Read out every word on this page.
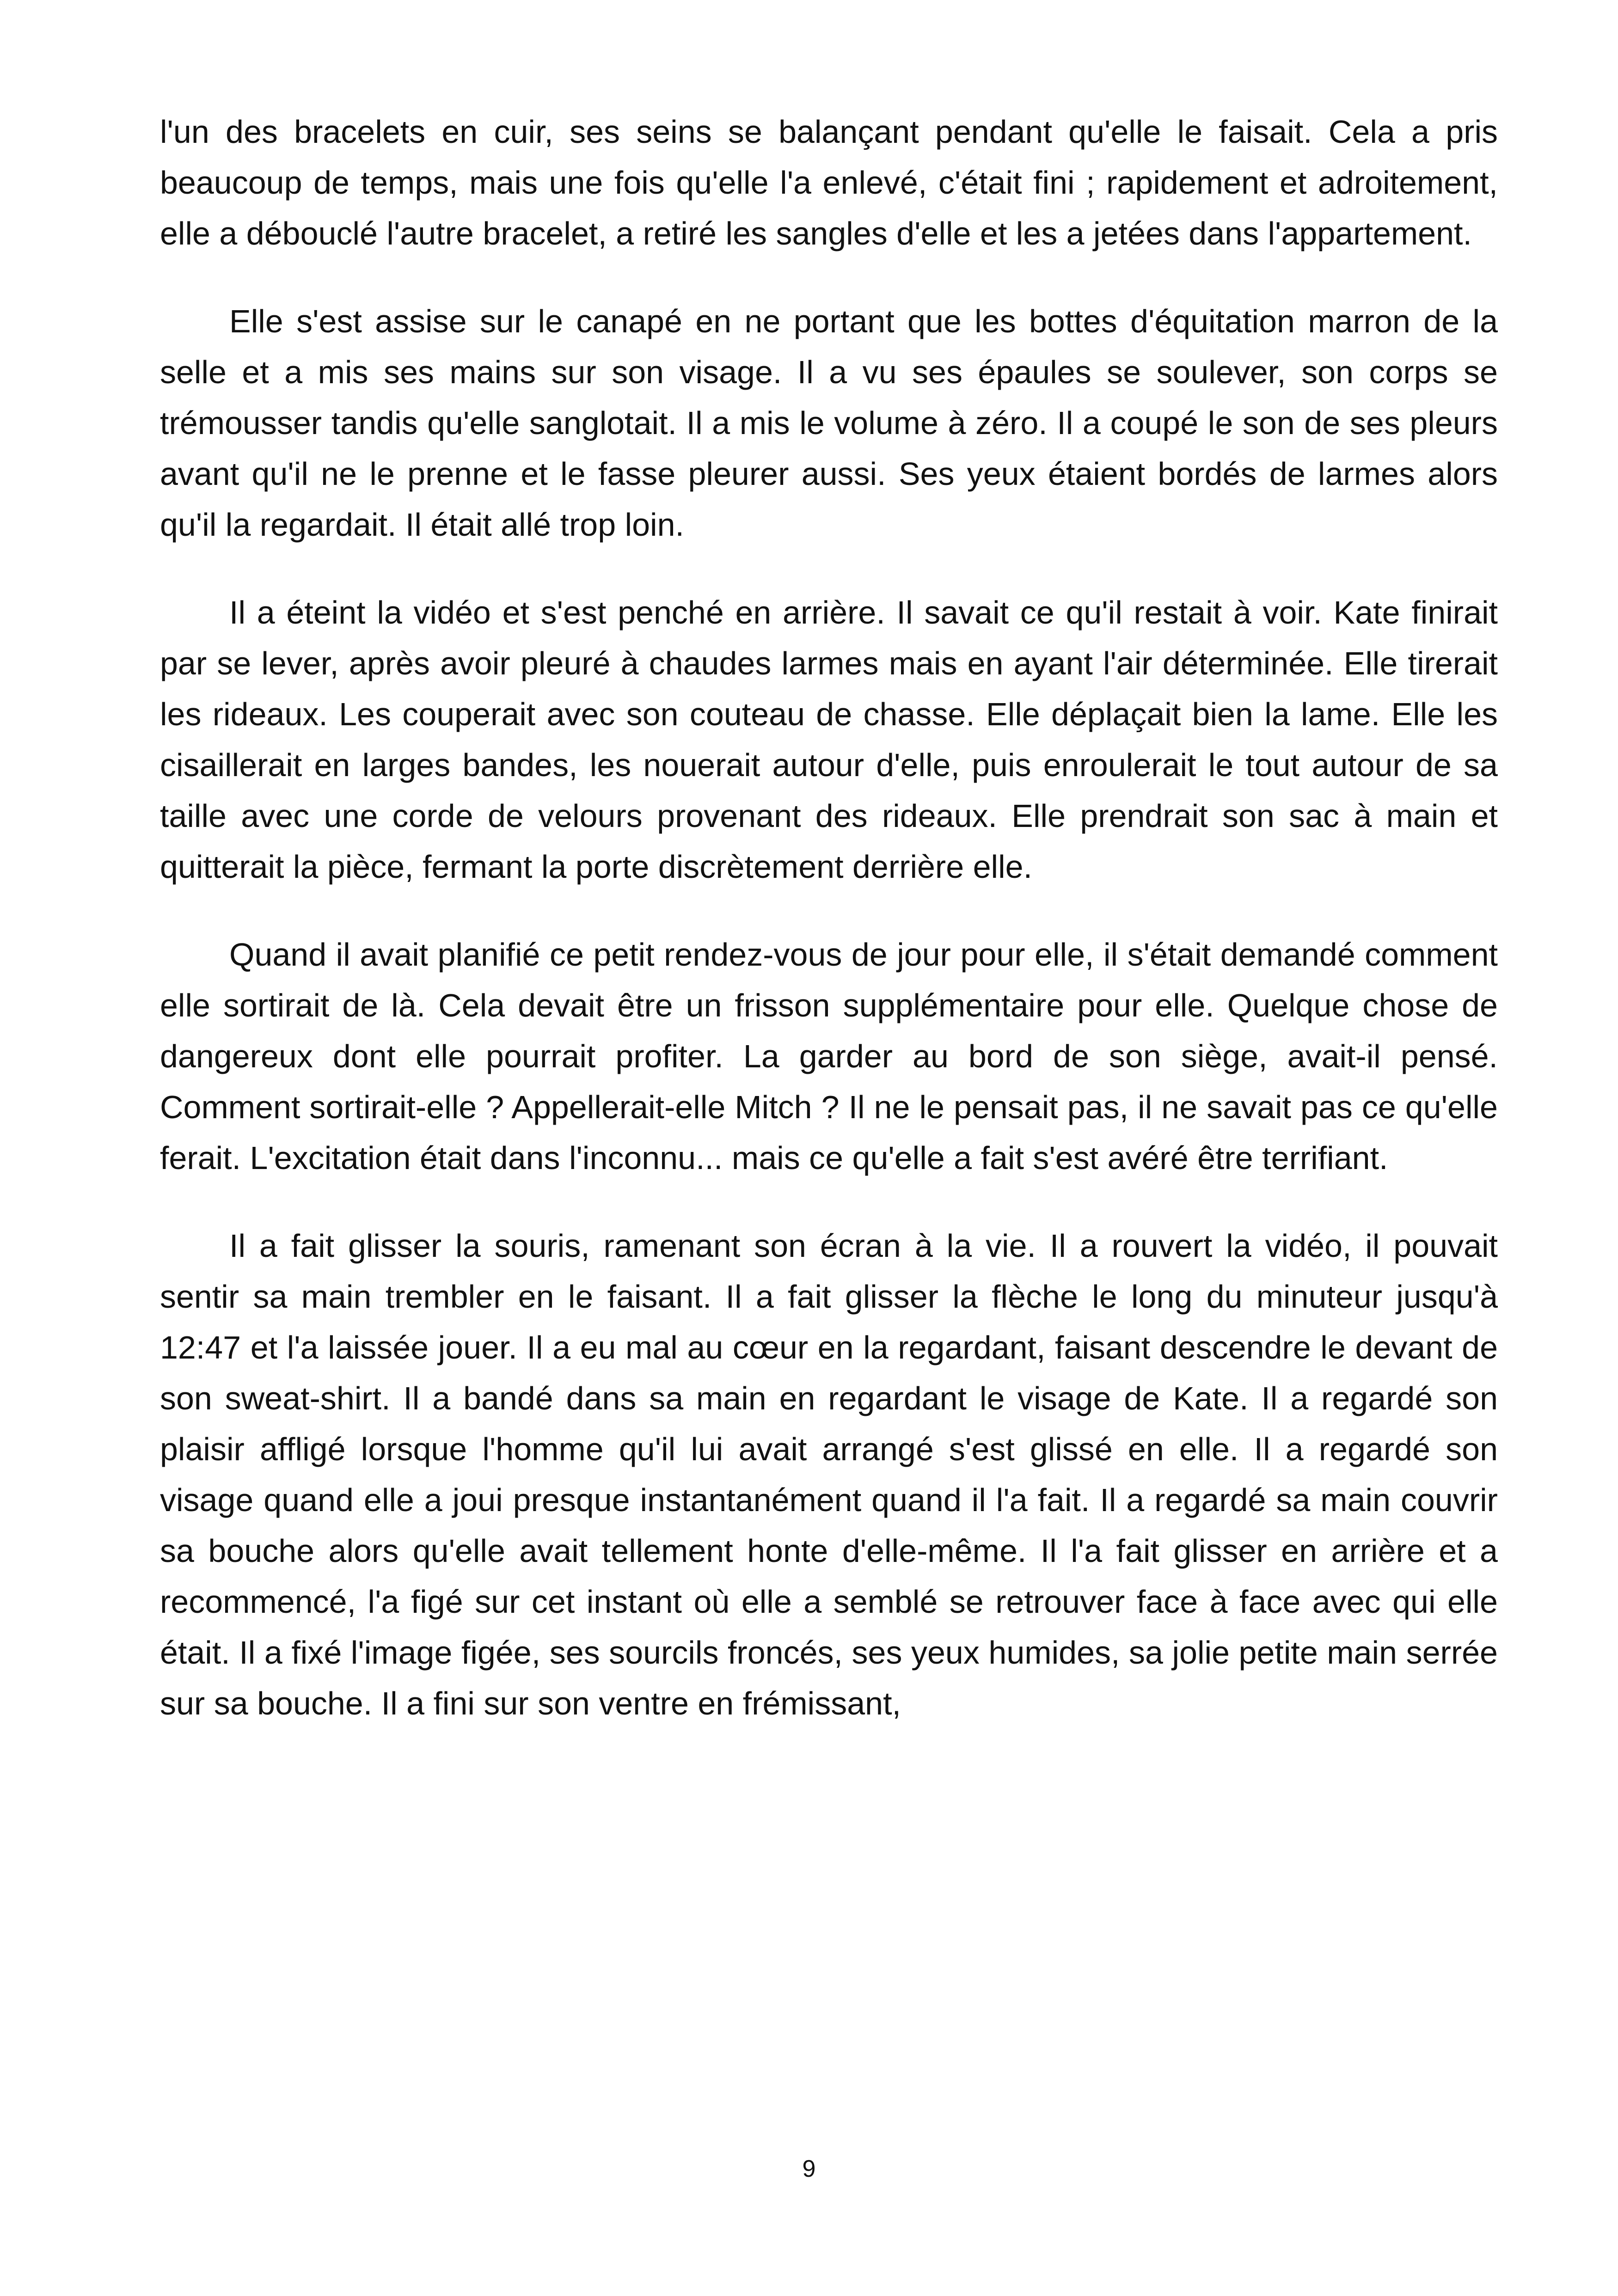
l'un des bracelets en cuir, ses seins se balançant pendant qu'elle le faisait. Cela a pris beaucoup de temps, mais une fois qu'elle l'a enlevé, c'était fini ; rapidement et adroitement, elle a débouclé l'autre bracelet, a retiré les sangles d'elle et les a jetées dans l'appartement.

Elle s'est assise sur le canapé en ne portant que les bottes d'équitation marron de la selle et a mis ses mains sur son visage. Il a vu ses épaules se soulever, son corps se trémousser tandis qu'elle sanglotait. Il a mis le volume à zéro. Il a coupé le son de ses pleurs avant qu'il ne le prenne et le fasse pleurer aussi. Ses yeux étaient bordés de larmes alors qu'il la regardait. Il était allé trop loin.

Il a éteint la vidéo et s'est penché en arrière. Il savait ce qu'il restait à voir. Kate finirait par se lever, après avoir pleuré à chaudes larmes mais en ayant l'air déterminée. Elle tirerait les rideaux. Les couperait avec son couteau de chasse. Elle déplaçait bien la lame. Elle les cisaillerait en larges bandes, les nouerait autour d'elle, puis enroulerait le tout autour de sa taille avec une corde de velours provenant des rideaux. Elle prendrait son sac à main et quitterait la pièce, fermant la porte discrètement derrière elle.

Quand il avait planifié ce petit rendez-vous de jour pour elle, il s'était demandé comment elle sortirait de là. Cela devait être un frisson supplémentaire pour elle. Quelque chose de dangereux dont elle pourrait profiter. La garder au bord de son siège, avait-il pensé. Comment sortirait-elle ? Appellerait-elle Mitch ? Il ne le pensait pas, il ne savait pas ce qu'elle ferait. L'excitation était dans l'inconnu... mais ce qu'elle a fait s'est avéré être terrifiant.

Il a fait glisser la souris, ramenant son écran à la vie. Il a rouvert la vidéo, il pouvait sentir sa main trembler en le faisant. Il a fait glisser la flèche le long du minuteur jusqu'à 12:47 et l'a laissée jouer. Il a eu mal au cœur en la regardant, faisant descendre le devant de son sweat-shirt. Il a bandé dans sa main en regardant le visage de Kate. Il a regardé son plaisir affligé lorsque l'homme qu'il lui avait arrangé s'est glissé en elle. Il a regardé son visage quand elle a joui presque instantanément quand il l'a fait. Il a regardé sa main couvrir sa bouche alors qu'elle avait tellement honte d'elle-même. Il l'a fait glisser en arrière et a recommencé, l'a figé sur cet instant où elle a semblé se retrouver face à face avec qui elle était. Il a fixé l'image figée, ses sourcils froncés, ses yeux humides, sa jolie petite main serrée sur sa bouche. Il a fini sur son ventre en frémissant,

9
